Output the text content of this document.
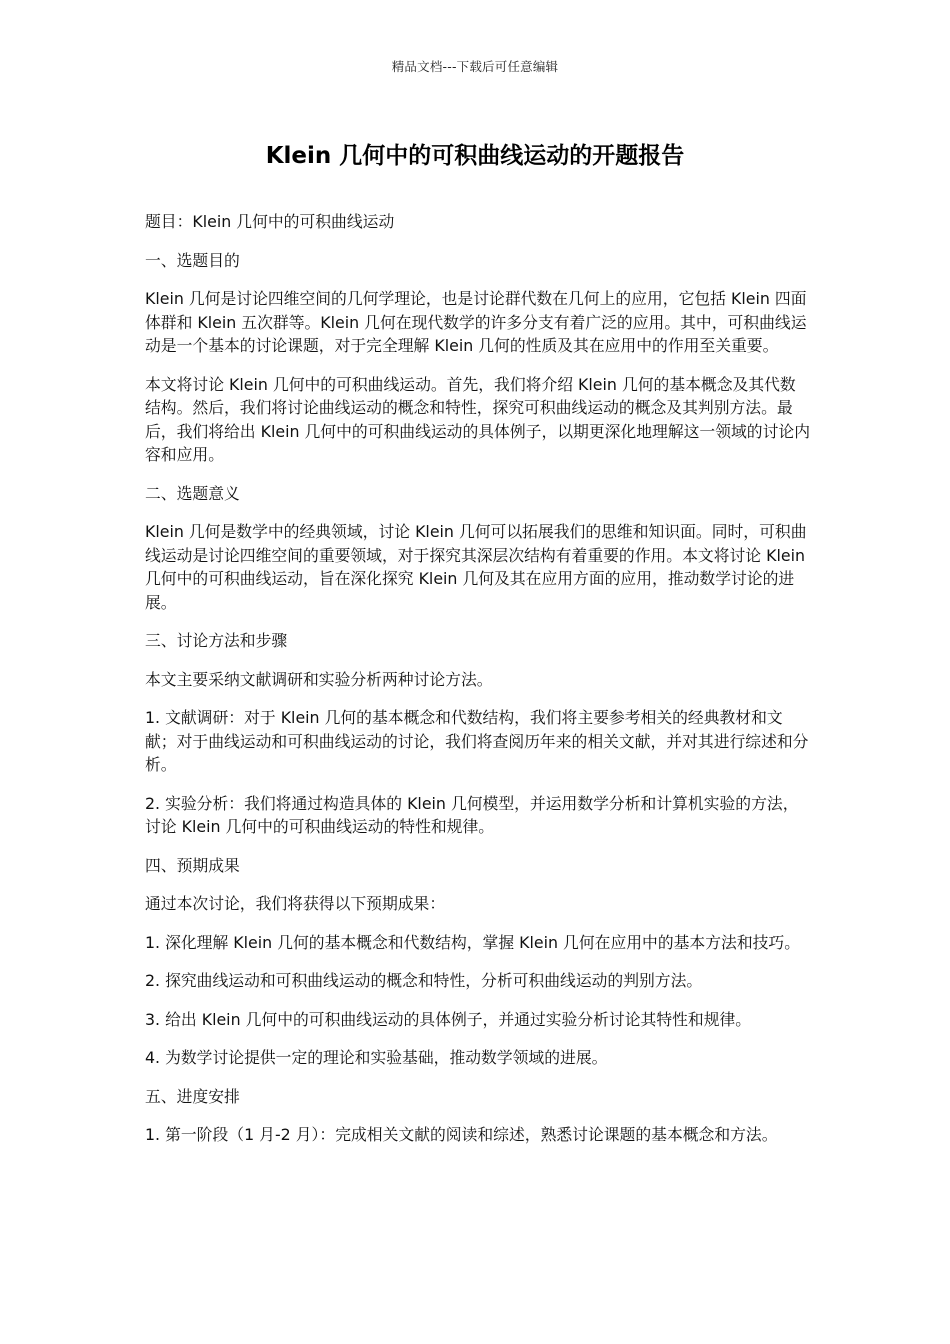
精品文档---下载后可任意编辑
Klein 几何中的可积曲线运动的开题报告

题目：Klein 几何中的可积曲线运动

一、选题目的

Klein 几何是讨论四维空间的几何学理论，也是讨论群代数在几何上的应用，它包括 Klein 四面体群和 Klein 五次群等。Klein 几何在现代数学的许多分支有着广泛的应用。其中，可积曲线运动是一个基本的讨论课题，对于完全理解 Klein 几何的性质及其在应用中的作用至关重要。

本文将讨论 Klein 几何中的可积曲线运动。首先，我们将介绍 Klein 几何的基本概念及其代数结构。然后，我们将讨论曲线运动的概念和特性，探究可积曲线运动的概念及其判别方法。最后，我们将给出 Klein 几何中的可积曲线运动的具体例子，以期更深化地理解这一领域的讨论内容和应用。

二、选题意义

Klein 几何是数学中的经典领域，讨论 Klein 几何可以拓展我们的思维和知识面。同时，可积曲线运动是讨论四维空间的重要领域，对于探究其深层次结构有着重要的作用。本文将讨论 Klein 几何中的可积曲线运动，旨在深化探究 Klein 几何及其在应用方面的应用，推动数学讨论的进展。

三、讨论方法和步骤

本文主要采纳文献调研和实验分析两种讨论方法。

1. 文献调研：对于 Klein 几何的基本概念和代数结构，我们将主要参考相关的经典教材和文献；对于曲线运动和可积曲线运动的讨论，我们将查阅历年来的相关文献，并对其进行综述和分析。

2. 实验分析：我们将通过构造具体的 Klein 几何模型，并运用数学分析和计算机实验的方法，讨论 Klein 几何中的可积曲线运动的特性和规律。

四、预期成果

通过本次讨论，我们将获得以下预期成果：

1. 深化理解 Klein 几何的基本概念和代数结构，掌握 Klein 几何在应用中的基本方法和技巧。

2. 探究曲线运动和可积曲线运动的概念和特性，分析可积曲线运动的判别方法。

3. 给出 Klein 几何中的可积曲线运动的具体例子，并通过实验分析讨论其特性和规律。

4. 为数学讨论提供一定的理论和实验基础，推动数学领域的进展。

五、进度安排

1. 第一阶段（1 月-2 月）：完成相关文献的阅读和综述，熟悉讨论课题的基本概念和方法。
